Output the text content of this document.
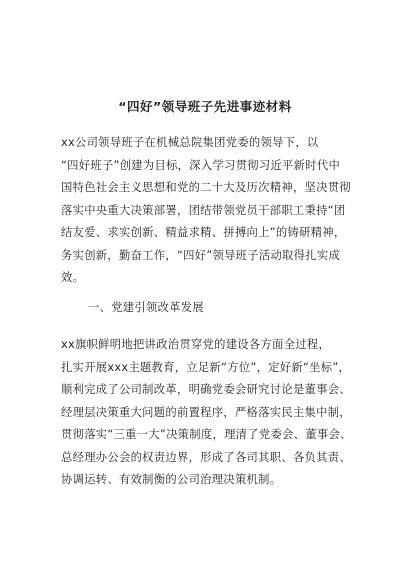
“四好”领导班子先进事迹材料
xx公司领导班子在机械总院集团党委的领导下，以
“四好班子”创建为目标，深入学习贯彻习近平新时代中
国特色社会主义思想和党的二十大及历次精神，坚决贯彻
落实中央重大决策部署，团结带领党员干部职工秉持“团
结友爱、求实创新、精益求精、拼搏向上”的铸研精神，
务实创新，勤奋工作，“四好”领导班子活动取得扎实成
效。
一、党建引领改革发展
xx旗帜鲜明地把讲政治贯穿党的建设各方面全过程，
扎实开展xxx主题教育，立足新“方位”，定好新“坐标”，
顺利完成了公司制改革，明确党委会研究讨论是董事会、
经理层决策重大问题的前置程序，严格落实民主集中制，
贯彻落实“三重一大”决策制度，理清了党委会、董事会、
总经理办公会的权责边界，形成了各司其职、各负其责、
协调运转、有效制衡的公司治理决策机制。
